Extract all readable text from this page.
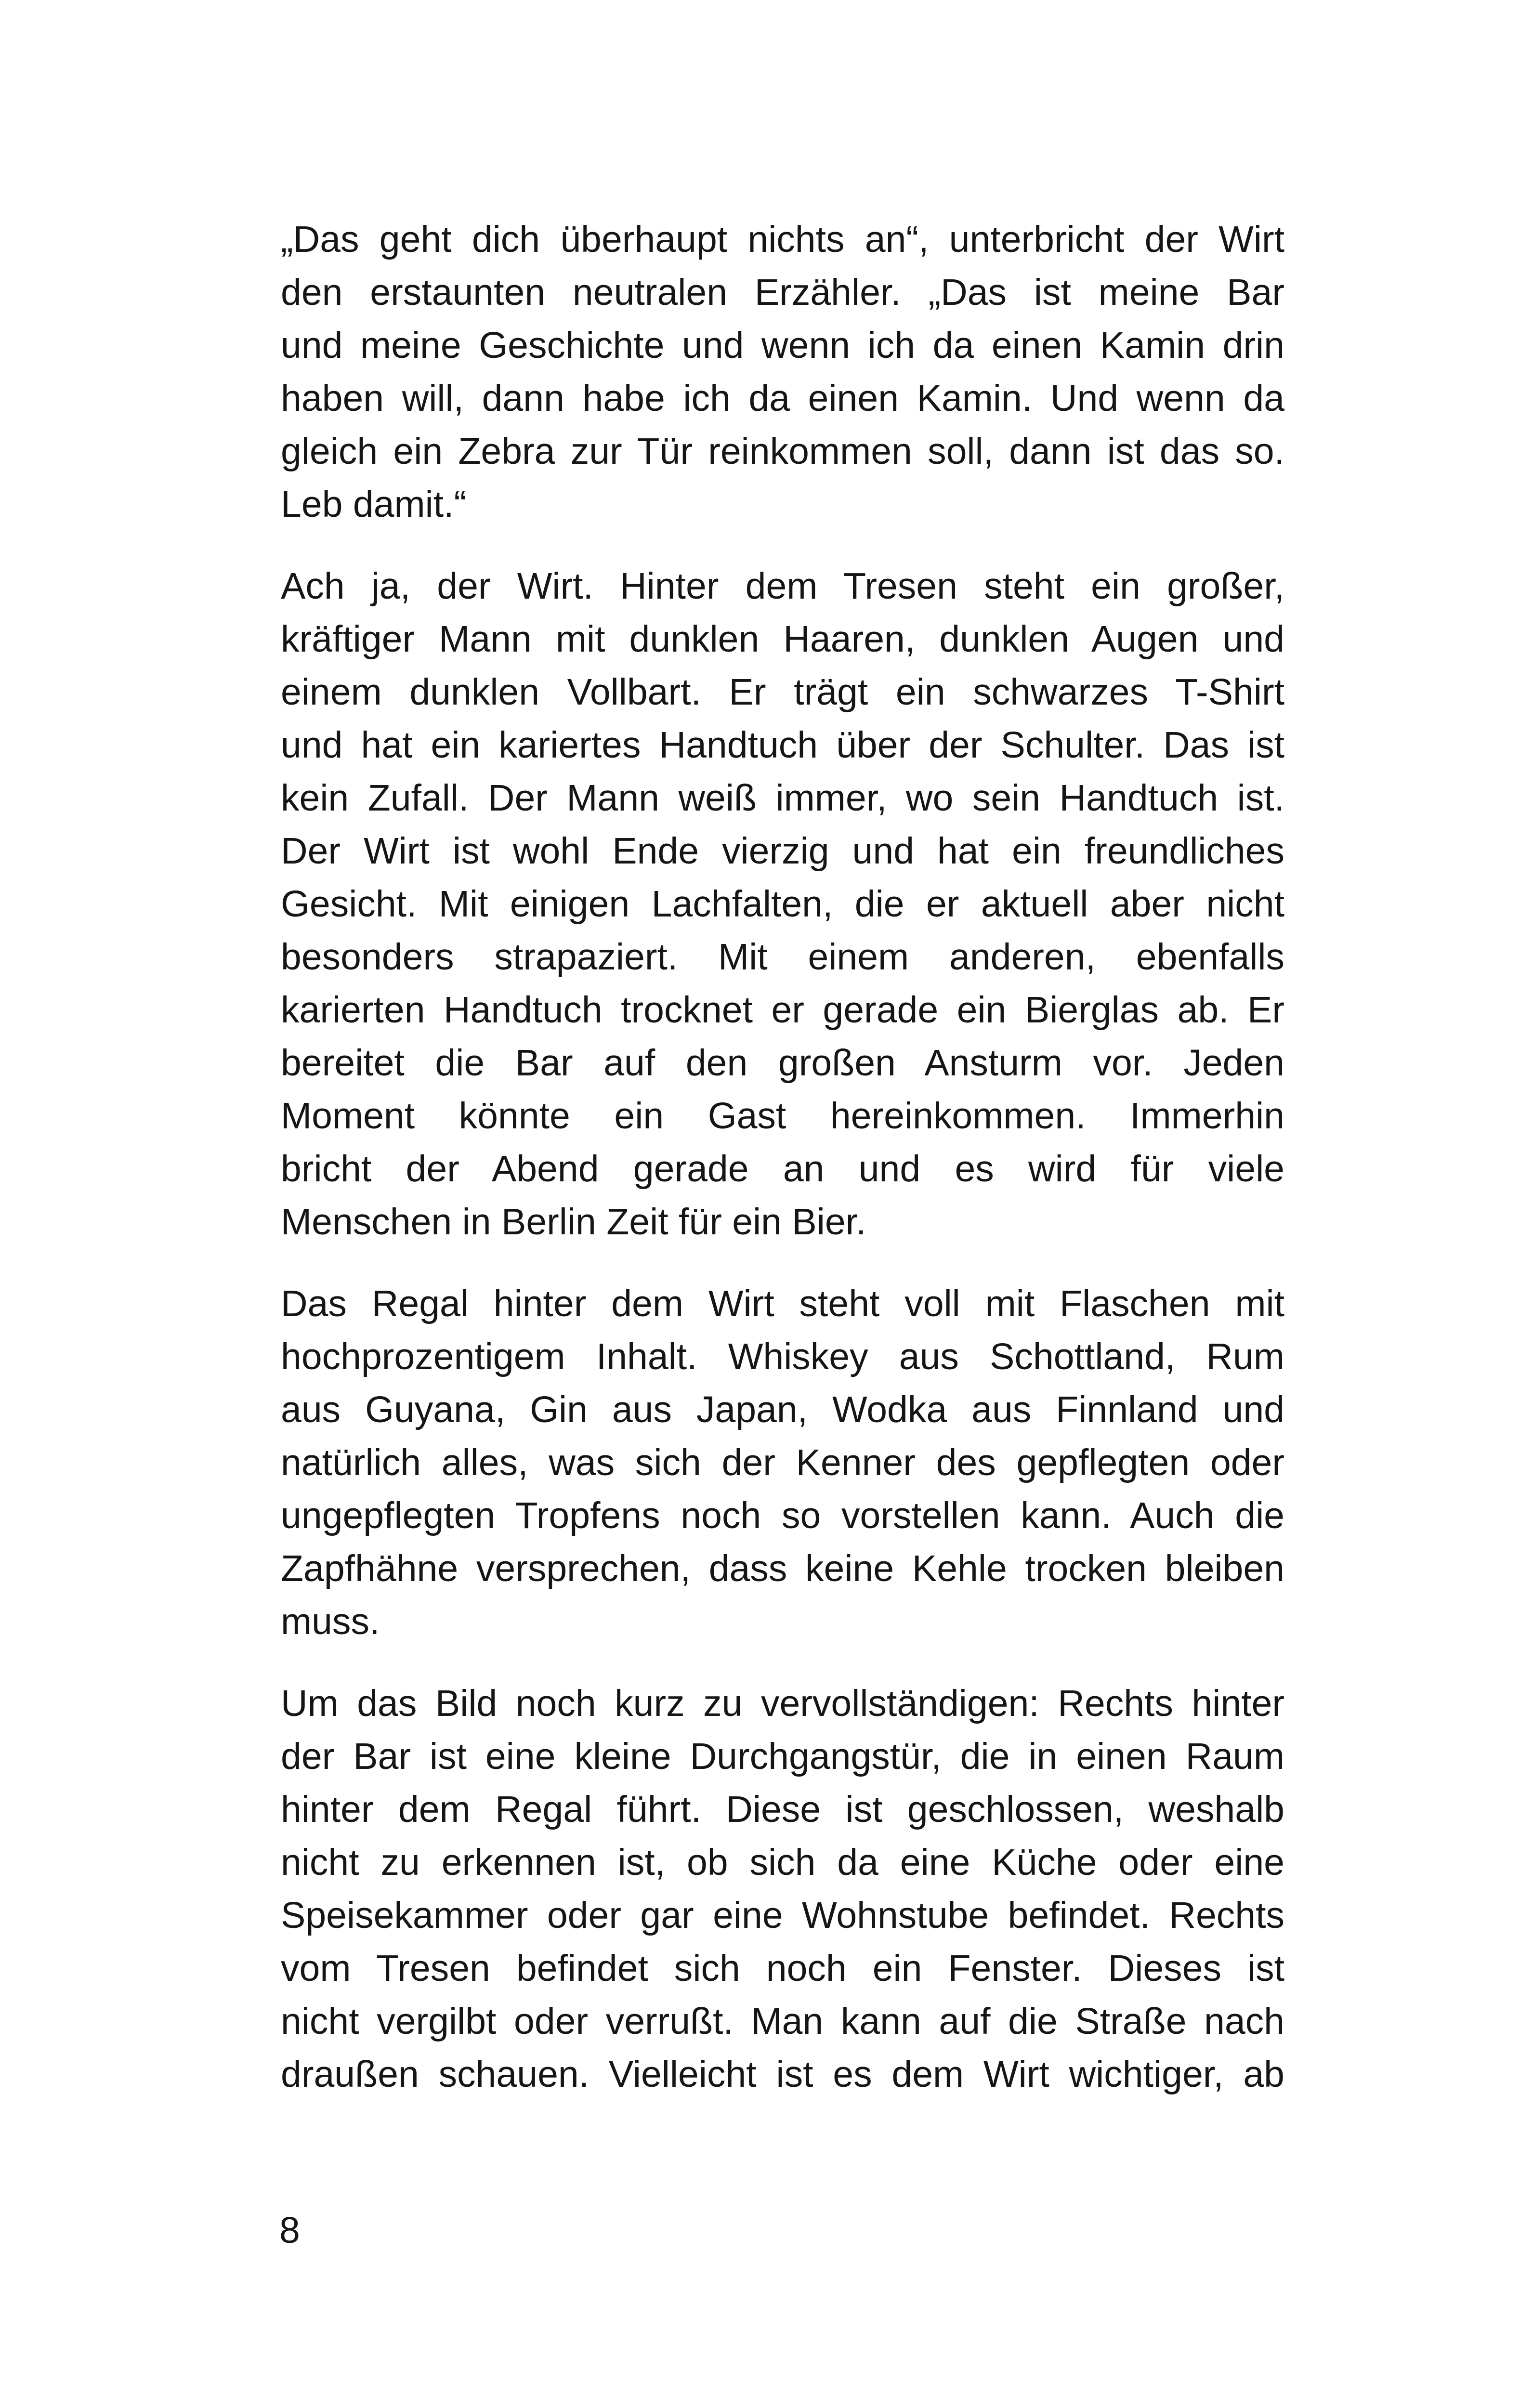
„Das geht dich überhaupt nichts an“, unterbricht der Wirt
den erstaunten neutralen Erzähler. „Das ist meine Bar
und meine Geschichte und wenn ich da einen Kamin drin
haben will, dann habe ich da einen Kamin. Und wenn da
gleich ein Zebra zur Tür reinkommen soll, dann ist das so.
Leb damit.“
Ach ja, der Wirt. Hinter dem Tresen steht ein großer,
kräftiger Mann mit dunklen Haaren, dunklen Augen und
einem dunklen Vollbart. Er trägt ein schwarzes T-Shirt
und hat ein kariertes Handtuch über der Schulter. Das ist
kein Zufall. Der Mann weiß immer, wo sein Handtuch ist.
Der Wirt ist wohl Ende vierzig und hat ein freundliches
Gesicht. Mit einigen Lachfalten, die er aktuell aber nicht
besonders strapaziert. Mit einem anderen, ebenfalls
karierten Handtuch trocknet er gerade ein Bierglas ab. Er
bereitet die Bar auf den großen Ansturm vor. Jeden
Moment könnte ein Gast hereinkommen. Immerhin
bricht der Abend gerade an und es wird für viele
Menschen in Berlin Zeit für ein Bier.
Das Regal hinter dem Wirt steht voll mit Flaschen mit
hochprozentigem Inhalt. Whiskey aus Schottland, Rum
aus Guyana, Gin aus Japan, Wodka aus Finnland und
natürlich alles, was sich der Kenner des gepflegten oder
ungepflegten Tropfens noch so vorstellen kann. Auch die
Zapfhähne versprechen, dass keine Kehle trocken bleiben
muss.
Um das Bild noch kurz zu vervollständigen: Rechts hinter
der Bar ist eine kleine Durchgangstür, die in einen Raum
hinter dem Regal führt. Diese ist geschlossen, weshalb
nicht zu erkennen ist, ob sich da eine Küche oder eine
Speisekammer oder gar eine Wohnstube befindet. Rechts
vom Tresen befindet sich noch ein Fenster. Dieses ist
nicht vergilbt oder verrußt. Man kann auf die Straße nach
draußen schauen. Vielleicht ist es dem Wirt wichtiger, ab
8
